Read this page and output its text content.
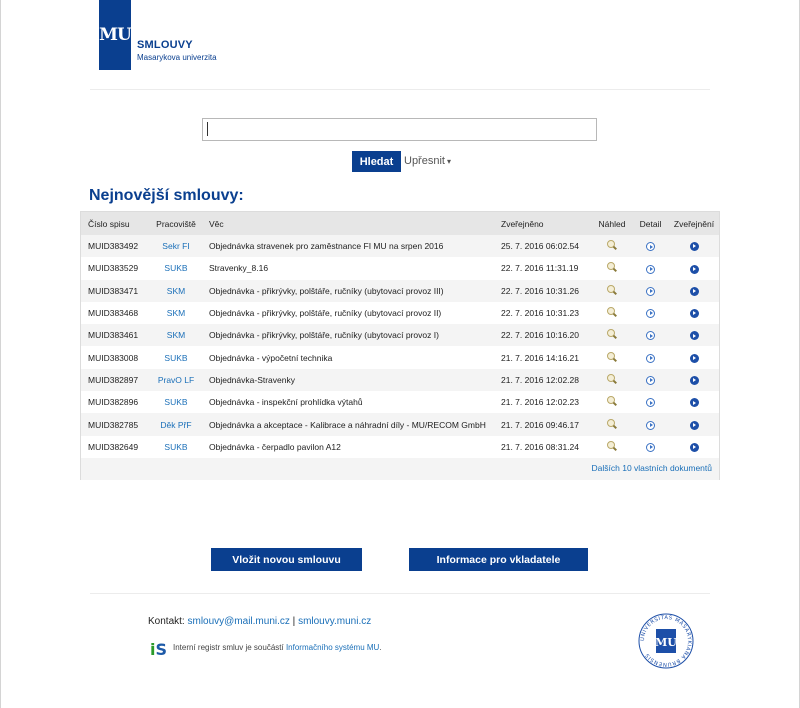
MU SMLOUVY
Masarykova univerzita
Hledat Upřesnit ▾
Nejnovější smlouvy:
Číslo spisu	Pracoviště	Věc	Zveřejněno	Náhled	Detail	Zveřejnění
MUID383492	Sekr FI	Objednávka stravenek pro zaměstnance FI MU na srpen 2016	25. 7. 2016 06:02.54			
MUID383529	SUKB	Stravenky_8.16	22. 7. 2016 11:31.19			
MUID383471	SKM	Objednávka - přikrývky, polštáře, ručníky (ubytovací provoz III)	22. 7. 2016 10:31.26			
MUID383468	SKM	Objednávka - přikrývky, polštáře, ručníky (ubytovací provoz II)	22. 7. 2016 10:31.23			
MUID383461	SKM	Objednávka - přikrývky, polštáře, ručníky (ubytovací provoz I)	22. 7. 2016 10:16.20			
MUID383008	SUKB	Objednávka - výpočetní technika	21. 7. 2016 14:16.21			
MUID382897	PravO LF	Objednávka-Stravenky	21. 7. 2016 12:02.28			
MUID382896	SUKB	Objednávka - inspekční prohlídka výtahů	21. 7. 2016 12:02.23			
MUID382785	Děk PřF	Objednávka a akceptace - Kalibrace a náhradní díly - MU/RECOM GmbH	21. 7. 2016 09:46.17			
MUID382649	SUKB	Objednávka - čerpadlo pavilon A12	21. 7. 2016 08:31.24			

Dalších 10 vlastních dokumentů
Vložit novou smlouvu	Informace pro vkladatele
Kontakt: smlouvy@mail.muni.cz | smlouvy.muni.cz
iS Interní registr smluv je součástí Informačního systému MU.
UNIVERSITAS MASARYKIANA BRUNENSIS
MU
